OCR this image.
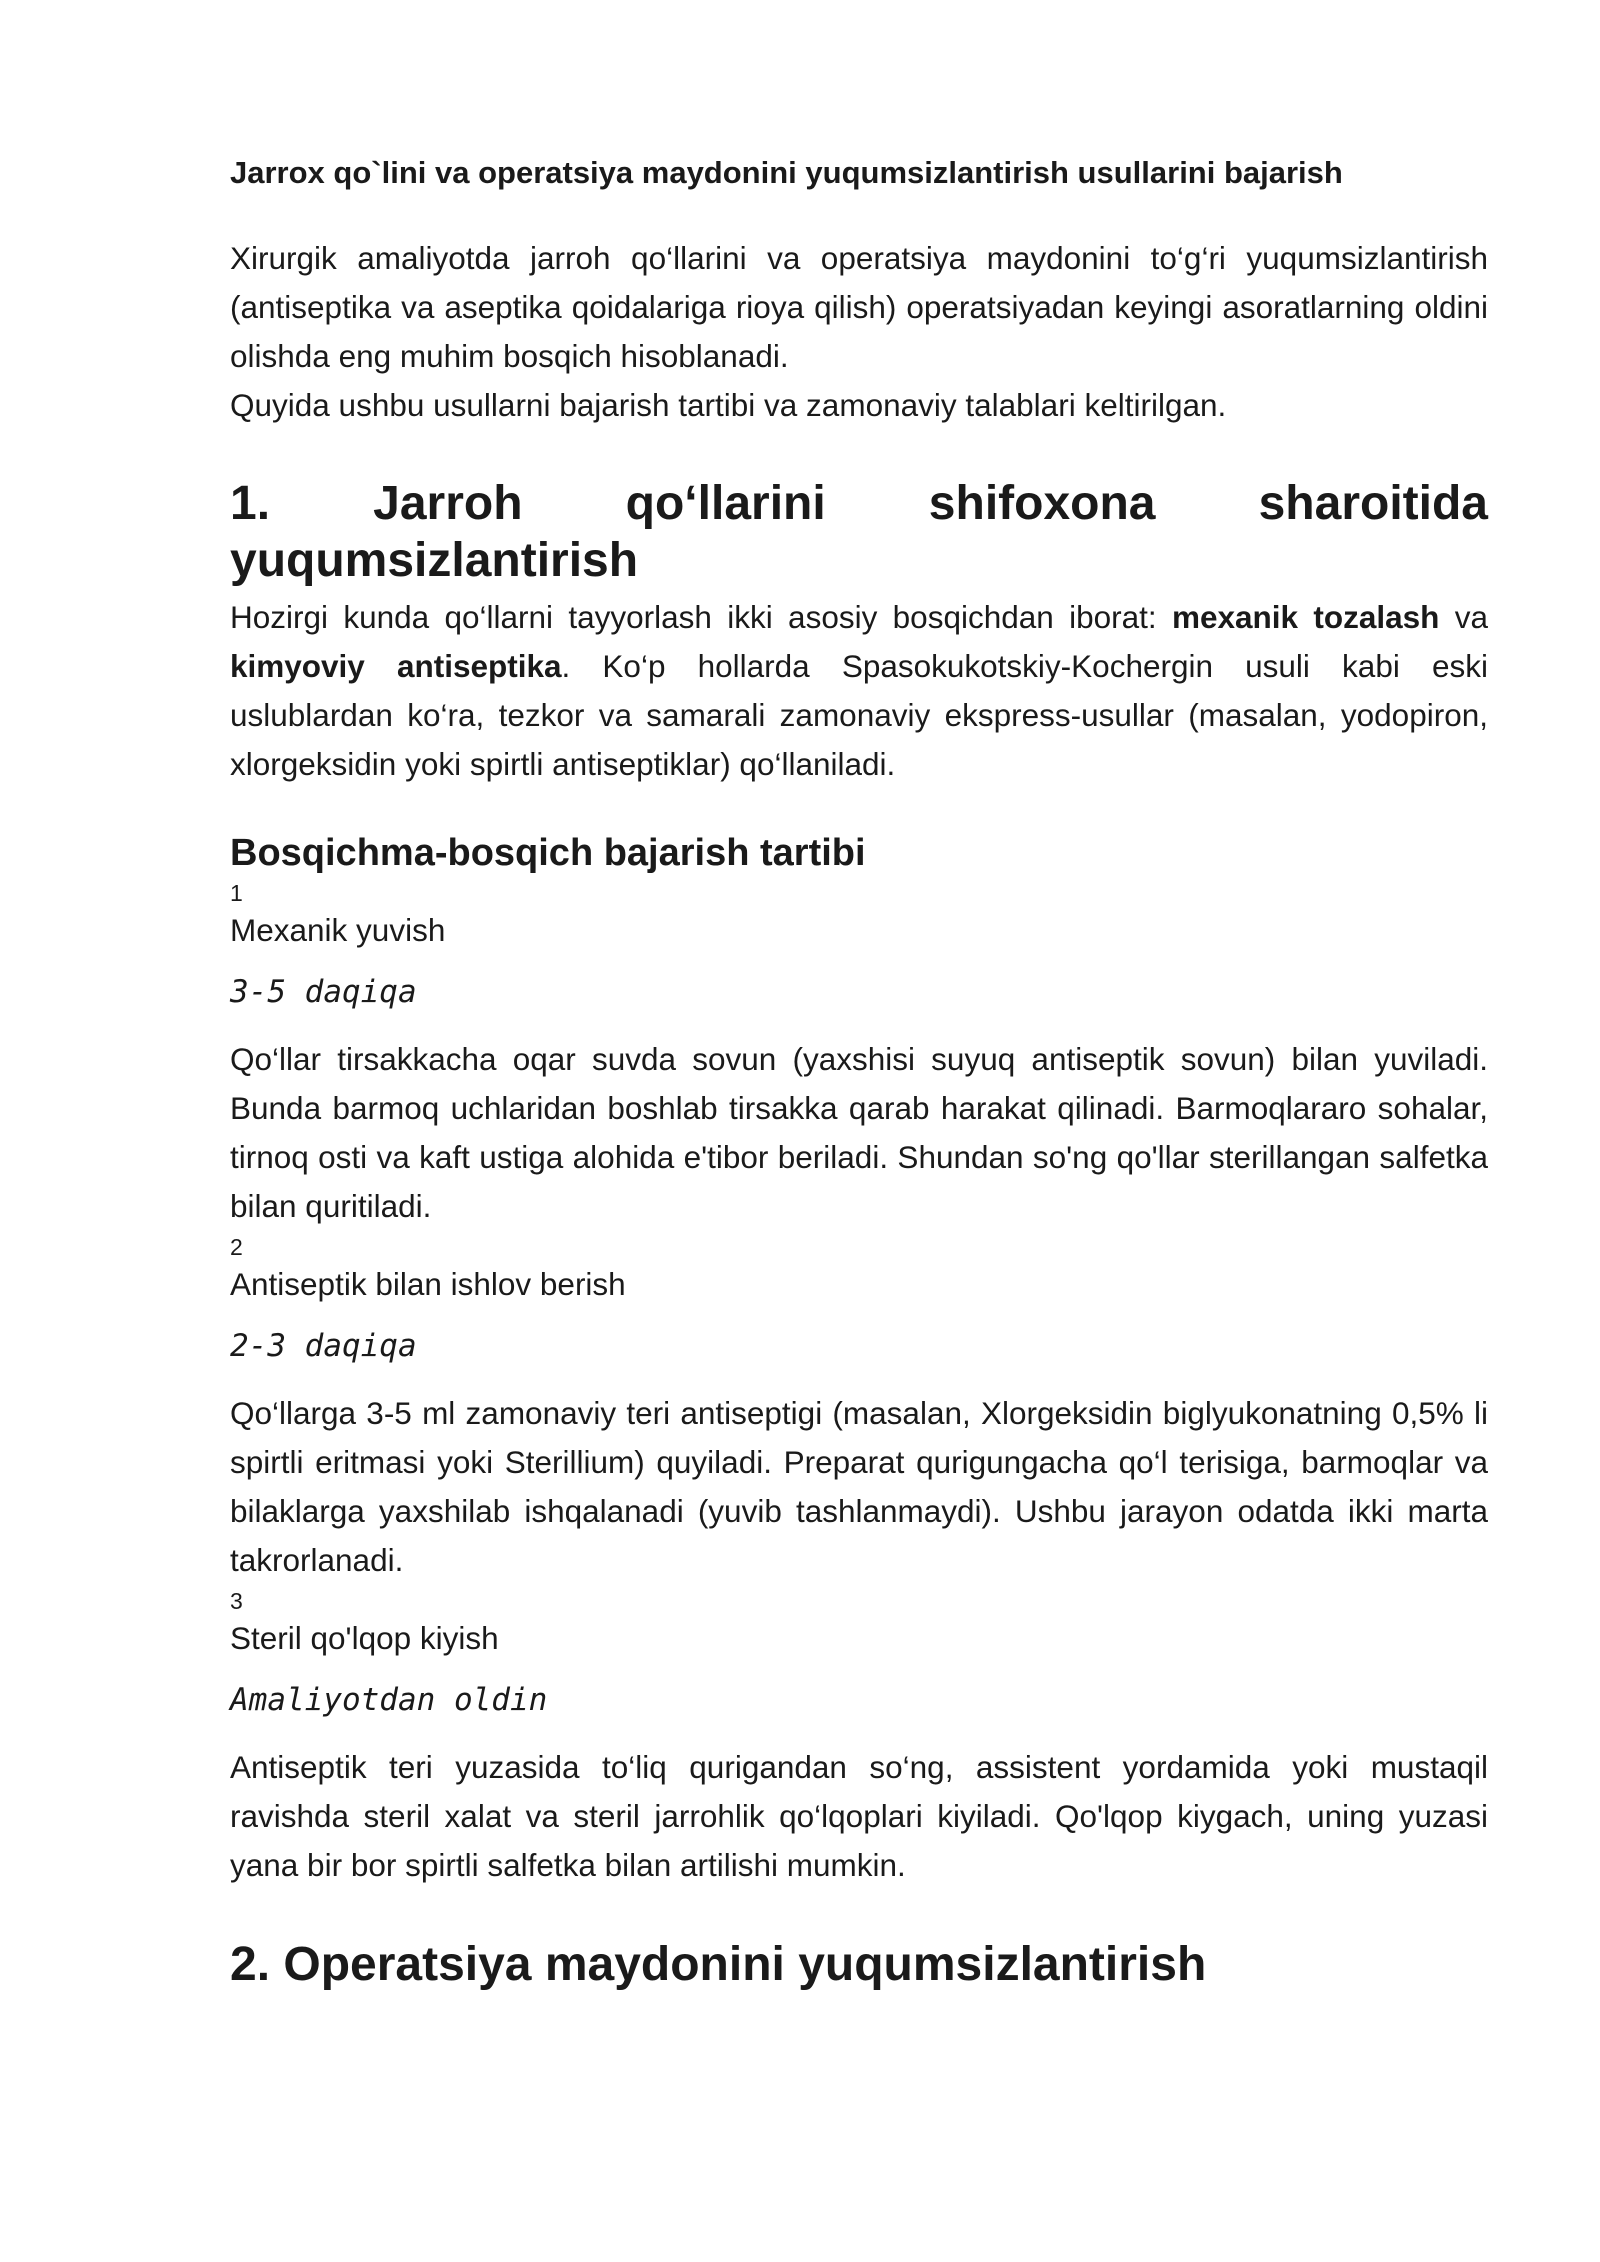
Jarrox qo`lini va operatsiya maydonini yuqumsizlantirish usullarini bajarish

Xirurgik amaliyotda jarroh qo‘llarini va operatsiya maydonini to‘g‘ri yuqumsizlantirish (antiseptika va aseptika qoidalariga rioya qilish) operatsiyadan keyingi asoratlarning oldini olishda eng muhim bosqich hisoblanadi.

Quyida ushbu usullarni bajarish tartibi va zamonaviy talablari keltirilgan.

1. Jarroh qo‘llarini shifoxona sharoitida yuqumsizlantirish

Hozirgi kunda qo‘llarni tayyorlash ikki asosiy bosqichdan iborat: mexanik tozalash va kimyoviy antiseptika. Ko‘p hollarda Spasokukotskiy-Kochergin usuli kabi eski uslublardan ko‘ra, tezkor va samarali zamonaviy ekspress-usullar (masalan, yodopiron, xlorgeksidin yoki spirtli antiseptiklar) qo‘llaniladi.

Bosqichma-bosqich bajarish tartibi
1
Mexanik yuvish
3-5 daqiqa

Qo‘llar tirsakkacha oqar suvda sovun (yaxshisi suyuq antiseptik sovun) bilan yuviladi. Bunda barmoq uchlaridan boshlab tirsakka qarab harakat qilinadi. Barmoqlararo sohalar, tirnoq osti va kaft ustiga alohida e'tibor beriladi. Shundan so'ng qo'llar sterillangan salfetka bilan quritiladi.

2
Antiseptik bilan ishlov berish
2-3 daqiqa

Qo‘llarga 3-5 ml zamonaviy teri antiseptigi (masalan, Xlorgeksidin biglyukonatning 0,5% li spirtli eritmasi yoki Sterillium) quyiladi. Preparat qurigungacha qo‘l terisiga, barmoqlar va bilaklarga yaxshilab ishqalanadi (yuvib tashlanmaydi). Ushbu jarayon odatda ikki marta takrorlanadi.

3
Steril qo'lqop kiyish
Amaliyotdan oldin

Antiseptik teri yuzasida to‘liq qurigandan so‘ng, assistent yordamida yoki mustaqil ravishda steril xalat va steril jarrohlik qo‘lqoplari kiyiladi. Qo'lqop kiygach, uning yuzasi yana bir bor spirtli salfetka bilan artilishi mumkin.

2. Operatsiya maydonini yuqumsizlantirish
